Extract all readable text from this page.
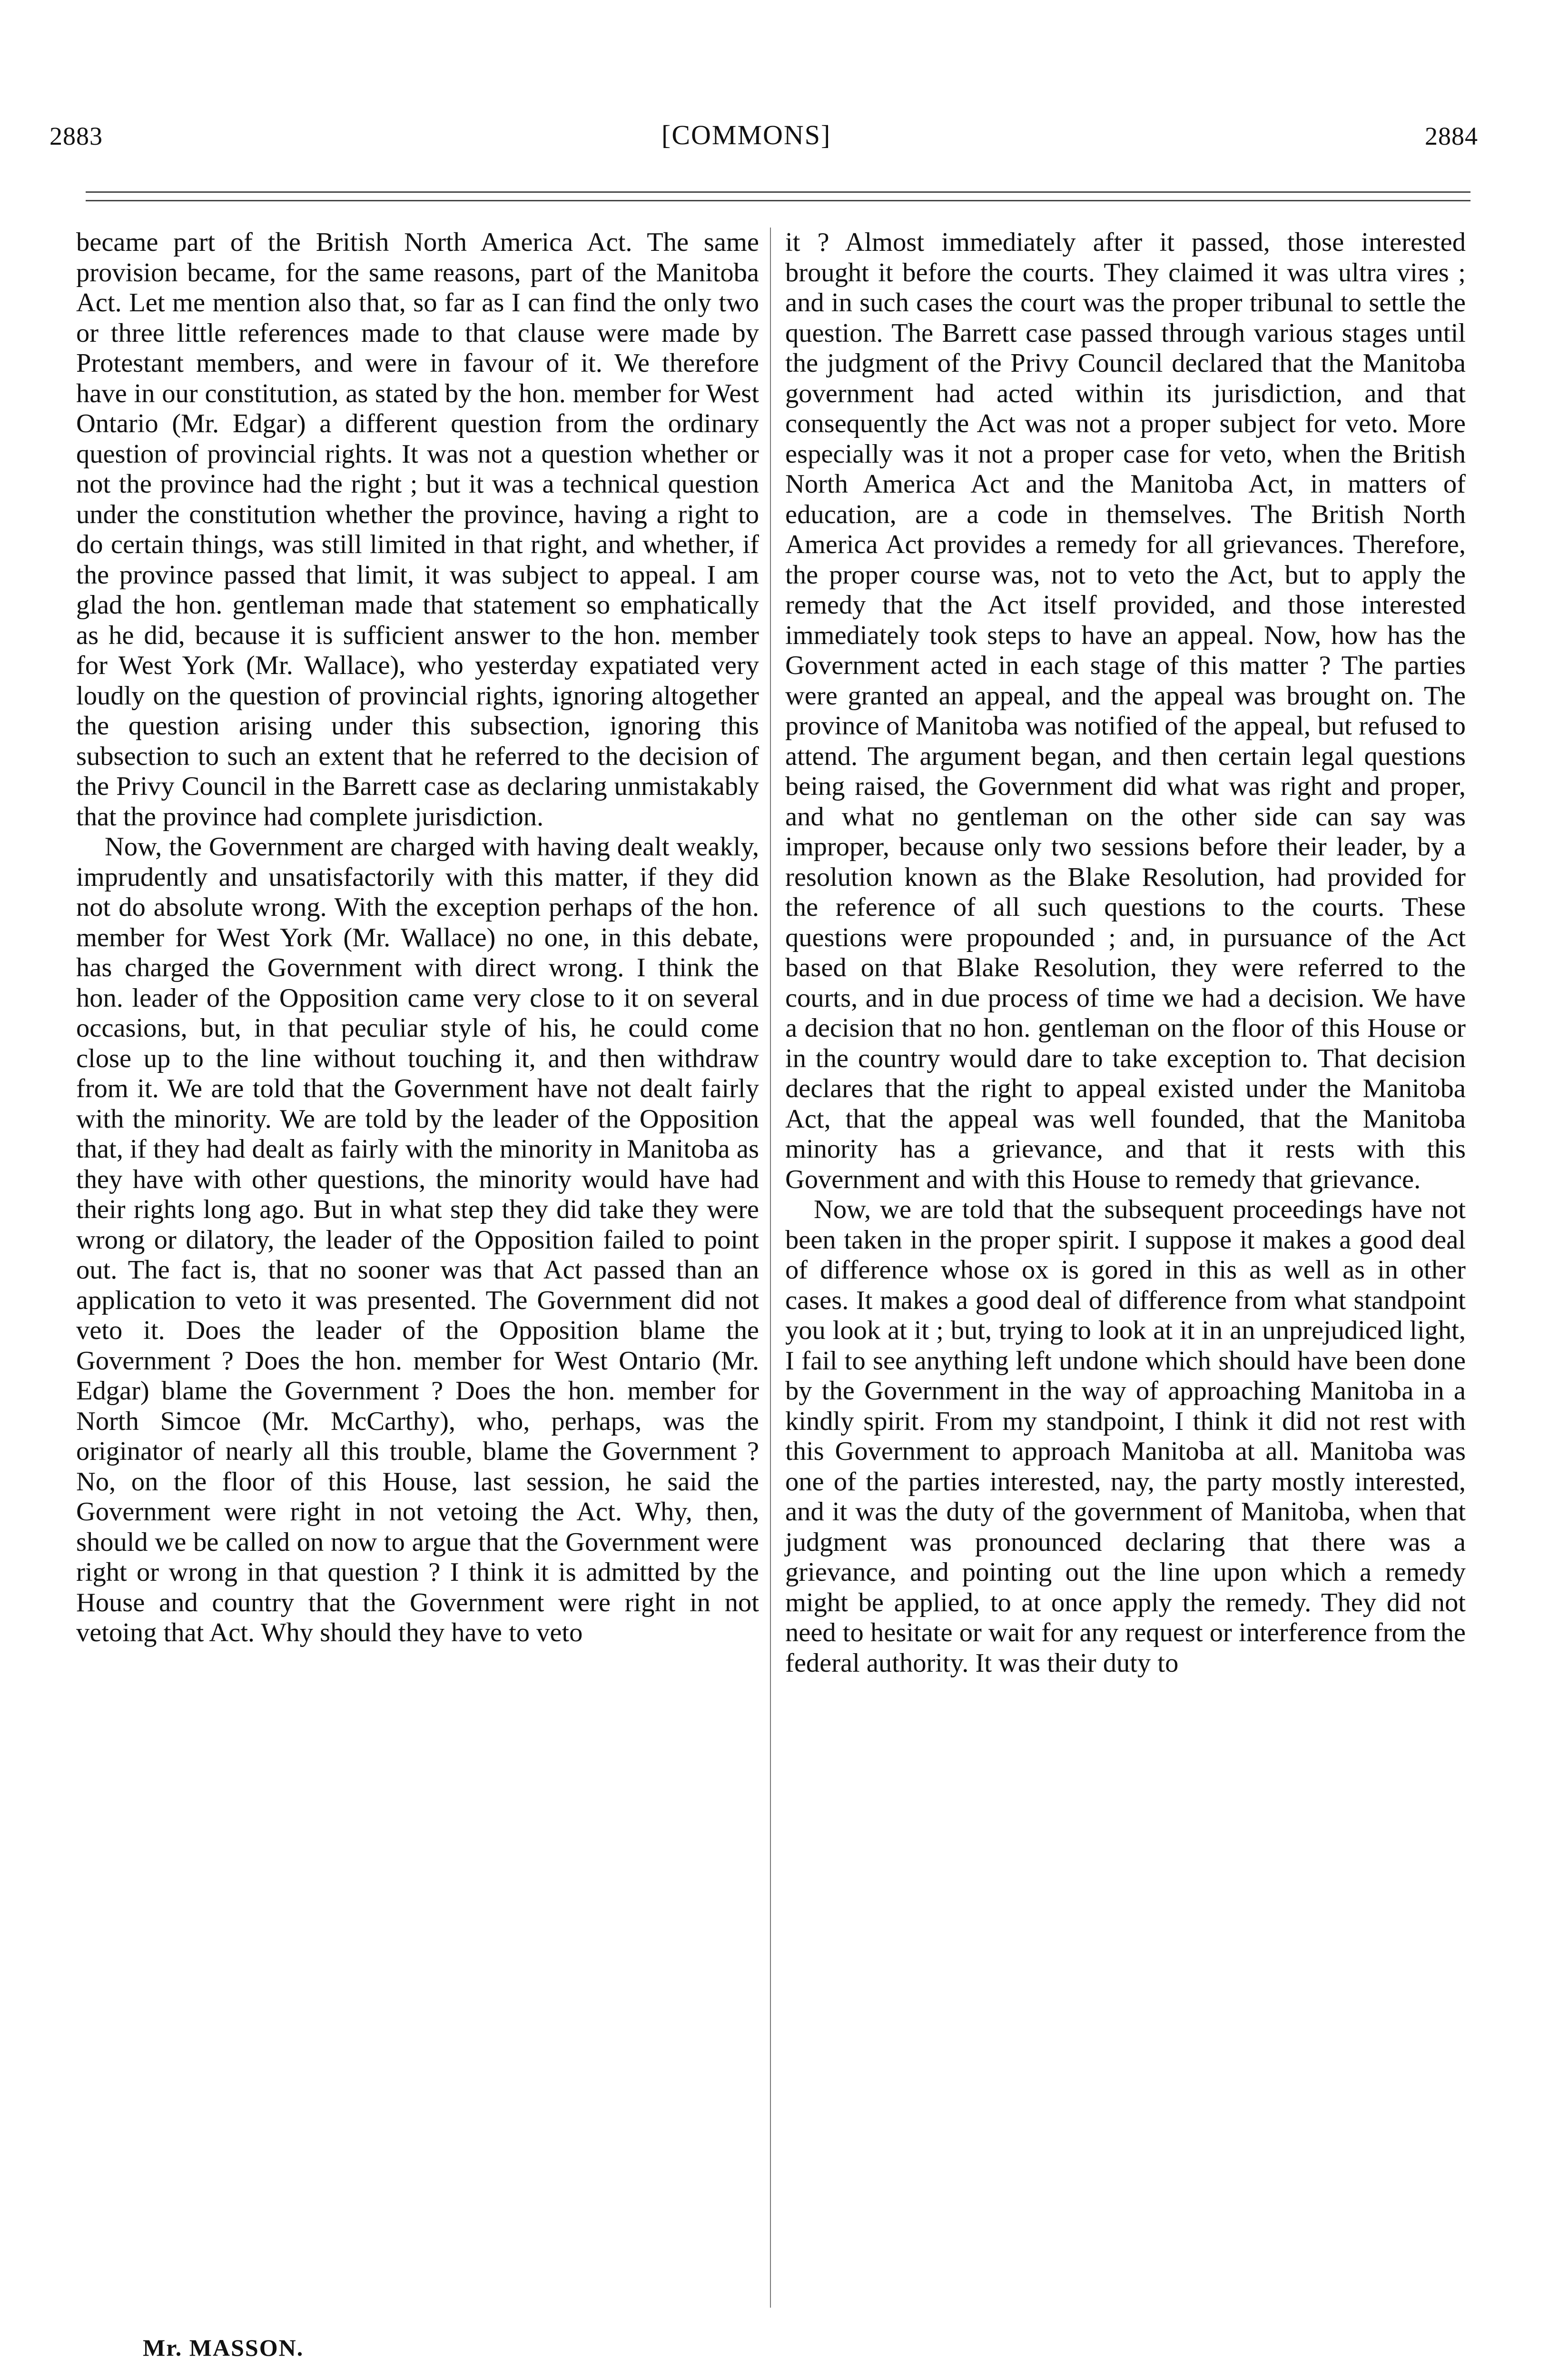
2883	[COMMONS]	2884

became part of the British North America Act. The same provision became, for the same reasons, part of the Manitoba Act. Let me mention also that, so far as I can find the only two or three little references made to that clause were made by Protestant members, and were in favour of it. We therefore have in our constitution, as stated by the hon. member for West Ontario (Mr. Edgar) a different question from the ordinary question of provincial rights. It was not a question whether or not the province had the right ; but it was a technical question under the constitution whether the province, having a right to do certain things, was still limited in that right, and whether, if the province passed that limit, it was subject to appeal. I am glad the hon. gentleman made that statement so emphatically as he did, because it is sufficient answer to the hon. member for West York (Mr. Wallace), who yesterday expatiated very loudly on the question of provincial rights, ignoring altogether the question arising under this subsection, ignoring this subsection to such an extent that he referred to the decision of the Privy Council in the Barrett case as declaring unmistakably that the province had complete jurisdiction.

Now, the Government are charged with having dealt weakly, imprudently and unsatisfactorily with this matter, if they did not do absolute wrong. With the exception perhaps of the hon. member for West York (Mr. Wallace) no one, in this debate, has charged the Government with direct wrong. I think the hon. leader of the Opposition came very close to it on several occasions, but, in that peculiar style of his, he could come close up to the line without touching it, and then withdraw from it. We are told that the Government have not dealt fairly with the minority. We are told by the leader of the Opposition that, if they had dealt as fairly with the minority in Manitoba as they have with other questions, the minority would have had their rights long ago. But in what step they did take they were wrong or dilatory, the leader of the Opposition failed to point out. The fact is, that no sooner was that Act passed than an application to veto it was presented. The Government did not veto it. Does the leader of the Opposition blame the Government ? Does the hon. member for West Ontario (Mr. Edgar) blame the Government ? Does the hon. member for North Simcoe (Mr. McCarthy), who, perhaps, was the originator of nearly all this trouble, blame the Government ? No, on the floor of this House, last session, he said the Government were right in not vetoing the Act. Why, then, should we be called on now to argue that the Government were right or wrong in that question ? I think it is admitted by the House and country that the Government were right in not vetoing that Act. Why should they have to veto

it ? Almost immediately after it passed, those interested brought it before the courts. They claimed it was ultra vires ; and in such cases the court was the proper tribunal to settle the question. The Barrett case passed through various stages until the judgment of the Privy Council declared that the Manitoba government had acted within its jurisdiction, and that consequently the Act was not a proper subject for veto. More especially was it not a proper case for veto, when the British North America Act and the Manitoba Act, in matters of education, are a code in themselves. The British North America Act provides a remedy for all grievances. Therefore, the proper course was, not to veto the Act, but to apply the remedy that the Act itself provided, and those interested immediately took steps to have an appeal. Now, how has the Government acted in each stage of this matter ? The parties were granted an appeal, and the appeal was brought on. The province of Manitoba was notified of the appeal, but refused to attend. The argument began, and then certain legal questions being raised, the Government did what was right and proper, and what no gentleman on the other side can say was improper, because only two sessions before their leader, by a resolution known as the Blake Resolution, had provided for the reference of all such questions to the courts. These questions were propounded ; and, in pursuance of the Act based on that Blake Resolution, they were referred to the courts, and in due process of time we had a decision. We have a decision that no hon. gentleman on the floor of this House or in the country would dare to take exception to. That decision declares that the right to appeal existed under the Manitoba Act, that the appeal was well founded, that the Manitoba minority has a grievance, and that it rests with this Government and with this House to remedy that grievance.

Now, we are told that the subsequent proceedings have not been taken in the proper spirit. I suppose it makes a good deal of difference whose ox is gored in this as well as in other cases. It makes a good deal of difference from what standpoint you look at it ; but, trying to look at it in an unprejudiced light, I fail to see anything left undone which should have been done by the Government in the way of approaching Manitoba in a kindly spirit. From my standpoint, I think it did not rest with this Government to approach Manitoba at all. Manitoba was one of the parties interested, nay, the party mostly interested, and it was the duty of the government of Manitoba, when that judgment was pronounced declaring that there was a grievance, and pointing out the line upon which a remedy might be applied, to at once apply the remedy. They did not need to hesitate or wait for any request or interference from the federal authority. It was their duty to

Mr. MASSON.
